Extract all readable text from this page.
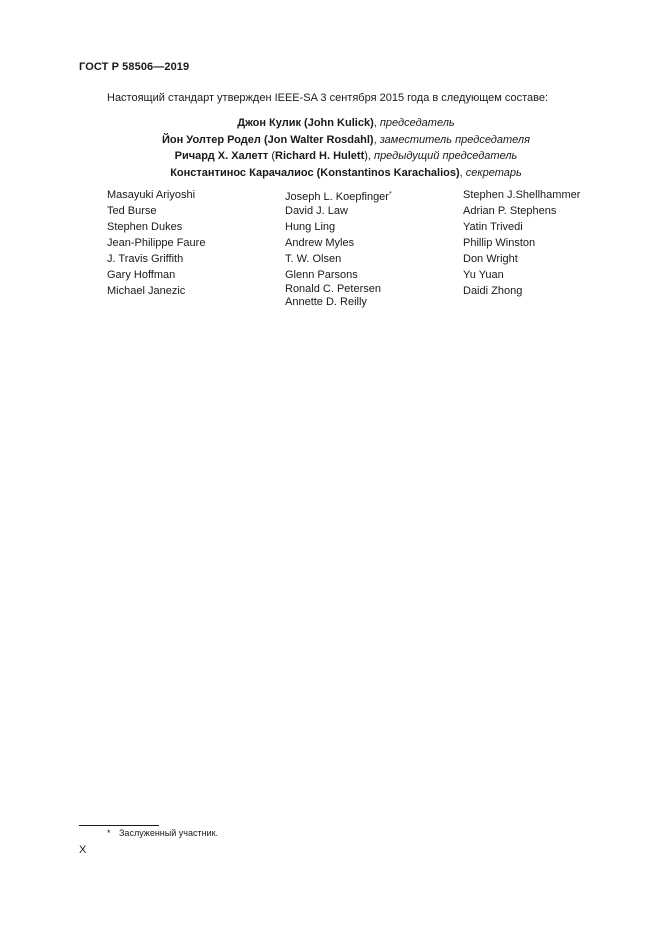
ГОСТ Р 58506—2019
Настоящий стандарт утвержден IEEE-SA 3 сентября 2015 года в следующем составе:
Джон Кулик (John Kulick), председатель
Йон Уолтер Родел (Jon Walter Rosdahl), заместитель председателя
Ричард Х. Халетт (Richard H. Hulett), предыдущий председатель
Константинос Карачалиос (Konstantinos Karachalios), секретарь
Masayuki Ariyoshi
Ted Burse
Stephen Dukes
Jean-Philippe Faure
J. Travis Griffith
Gary Hoffman
Michael Janezic
Joseph L. Koepfinger*
David J. Law
Hung Ling
Andrew Myles
T. W. Olsen
Glenn Parsons
Ronald C. Petersen
Annette D. Reilly
Stephen J.Shellhammer
Adrian P. Stephens
Yatin Trivedi
Phillip Winston
Don Wright
Yu Yuan
Daidi Zhong
* Заслуженный участник.
X
